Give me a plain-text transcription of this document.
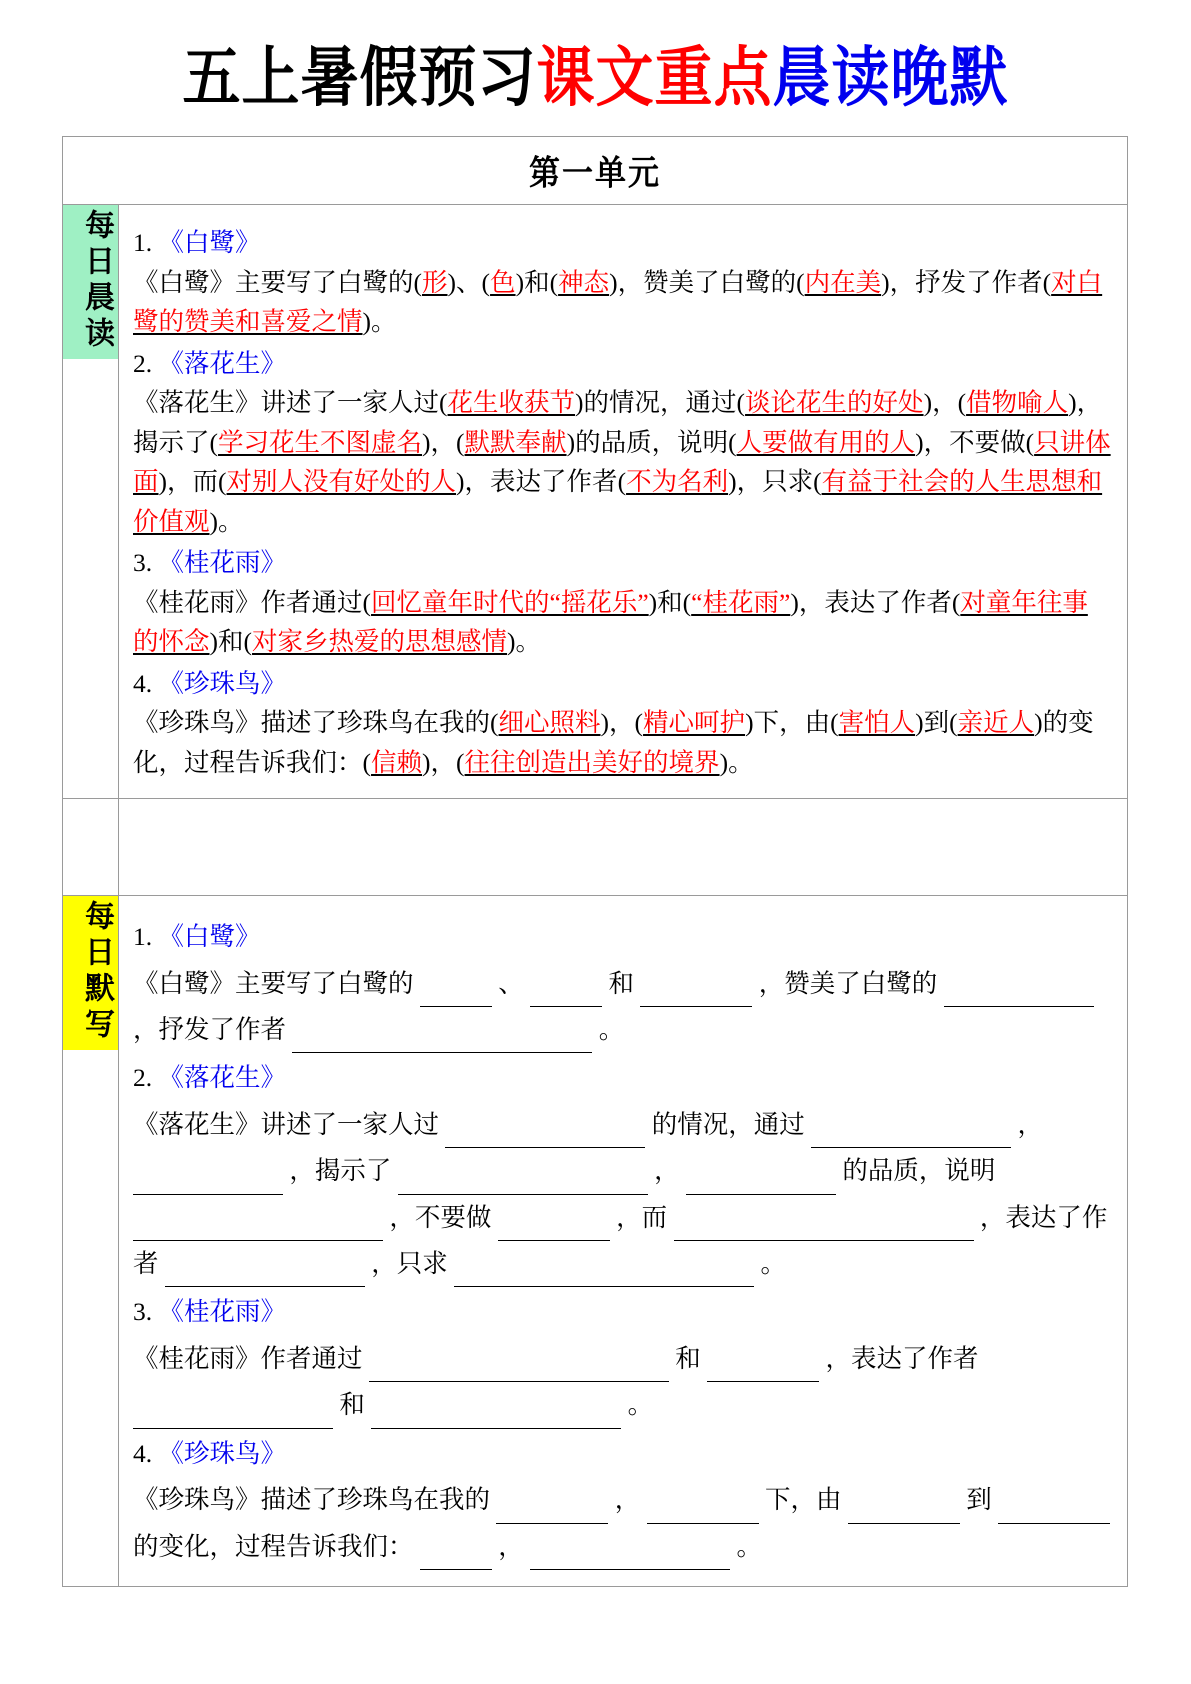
五上暑假预习课文重点晨读晚默
第一单元
每日晨读 1. 《白鹭》
《白鹭》主要写了白鹭的(形)、(色)和(神态)，赞美了白鹭的(内在美)，抒发了作者(对白鹭的赞美和喜爱之情)。
2. 《落花生》
《落花生》讲述了一家人过(花生收获节)的情况，通过(谈论花生的好处)，(借物喻人)，揭示了(学习花生不图虚名)，(默默奉献)的品质，说明(人要做有用的人)，不要做(只讲体面)，而(对别人没有好处的人)，表达了作者(不为名利)，只求(有益于社会的人生思想和价值观)。
3. 《桂花雨》
《桂花雨》作者通过(回忆童年时代的“摇花乐”)和(“桂花雨”)，表达了作者(对童年往事的怀念)和(对家乡热爱的思想感情)。
4. 《珍珠鸟》
《珍珠鸟》描述了珍珠鸟在我的(细心照料)，(精心呵护)下，由(害怕人)到(亲近人)的变化，过程告诉我们：(信赖)，(往往创造出美好的境界)。
每日默写 1. 《白鹭》
《白鹭》主要写了白鹭的	、	和	，赞美了白鹭的   ，抒发了作者	。
2. 《落花生》
《落花生》讲述了一家人过	的情况，通过	，   ，揭示了	，	的品质，说明   ，不要做	，而	，表达了作者	，只求	。
3. 《桂花雨》
《桂花雨》作者通过	和	，表达了作者   和	。
4. 《珍珠鸟》
《珍珠鸟》描述了珍珠鸟在我的	，	下，由	到   的变化，过程告诉我们：	，	。
